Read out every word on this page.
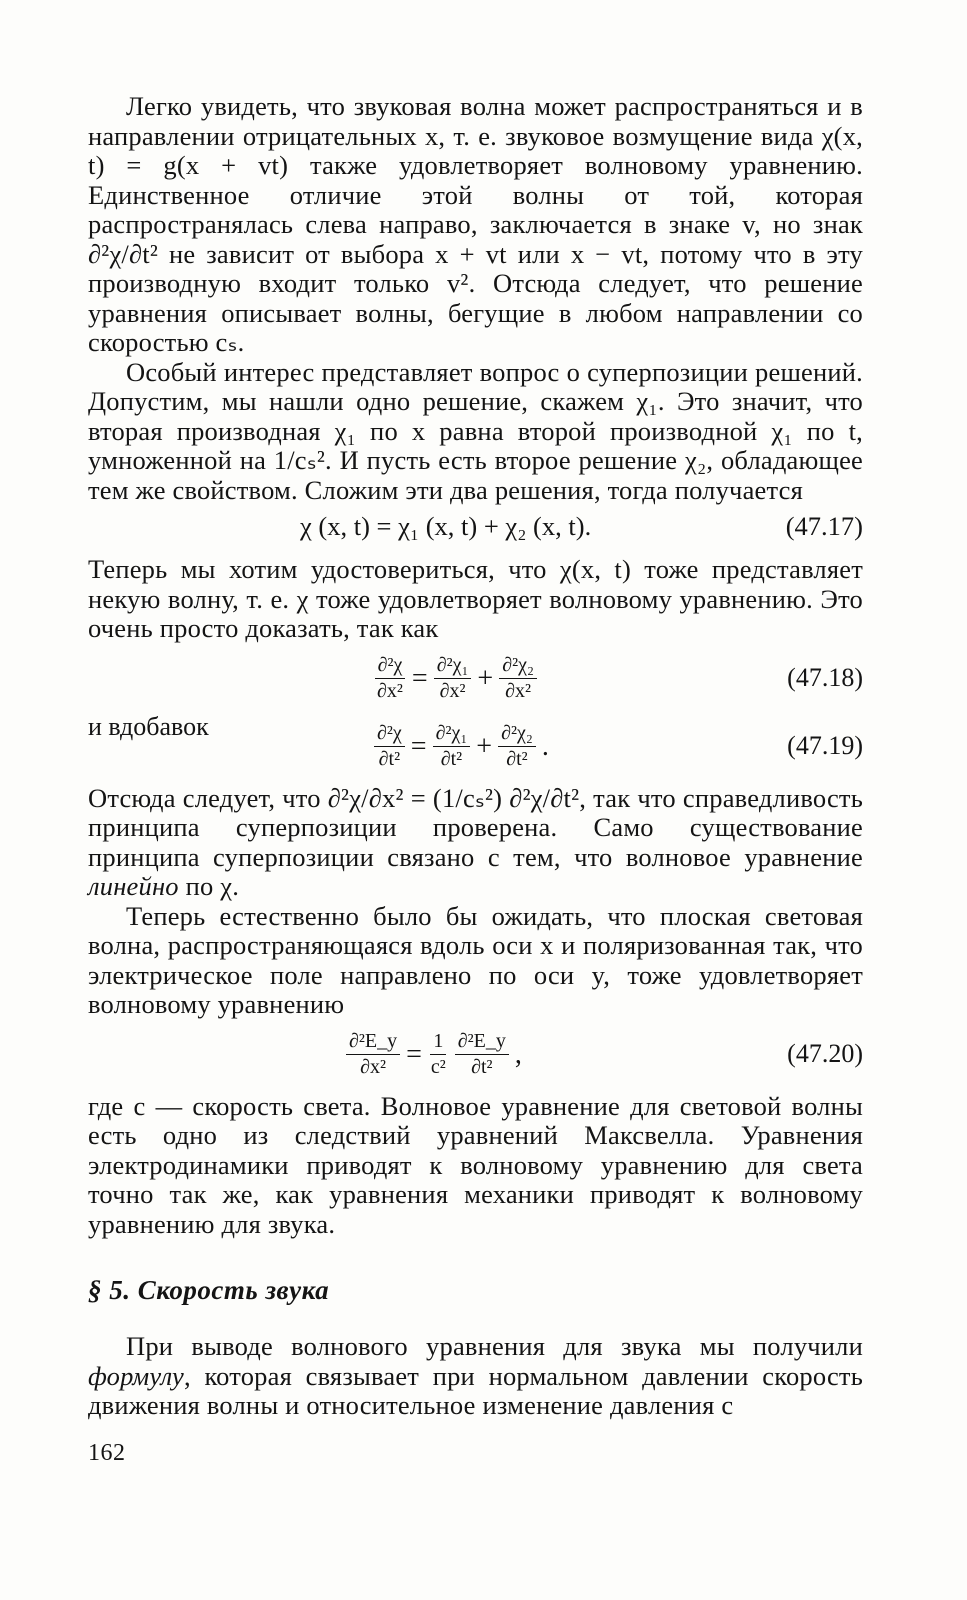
Легко увидеть, что звуковая волна может распространяться и в направлении отрицательных x, т. е. звуковое возмущение вида χ(x, t) = g(x + vt) также удовлетворяет волновому уравнению. Единственное отличие этой волны от той, которая распространялась слева направо, заключается в знаке v, но знак ∂²χ/∂t² не зависит от выбора x + vt или x − vt, потому что в эту производную входит только v². Отсюда следует, что решение уравнения описывает волны, бегущие в любом направлении со скоростью cₛ.

Особый интерес представляет вопрос о суперпозиции решений. Допустим, мы нашли одно решение, скажем χ₁. Это значит, что вторая производная χ₁ по x равна второй производной χ₁ по t, умноженной на 1/cₛ². И пусть есть второе решение χ₂, обладающее тем же свойством. Сложим эти два решения, тогда получается

χ (x, t) = χ₁ (x, t) + χ₂ (x, t).	(47.17)

Теперь мы хотим удостовериться, что χ(x, t) тоже представляет некую волну, т. е. χ тоже удовлетворяет волновому уравнению. Это очень просто доказать, так как

$\frac{\text{∂²χ}}{\text{∂x²}} = \frac{\text{∂²χ₁}}{\text{∂x²}} + \frac{\text{∂²χ₂}}{\text{∂x²}}$	(47.18)
и вдобавок	$\frac{\text{∂²χ}}{\text{∂t²}} = \frac{\text{∂²χ₁}}{\text{∂t²}} + \frac{\text{∂²χ₂}}{\text{∂t²}}$ .	(47.19)

Отсюда следует, что ∂²χ/∂x² = (1/cₛ²) ∂²χ/∂t², так что справедливость принципа суперпозиции проверена. Само существование принципа суперпозиции связано с тем, что волновое уравнение линейно по χ.

Теперь естественно было бы ожидать, что плоская световая волна, распространяющаяся вдоль оси x и поляризованная так, что электрическое поле направлено по оси y, тоже удовлетворяет волновому уравнению

$\frac{\text{∂²E\_y}}{\text{∂x²}} = \frac{1}{\text{c²}} \frac{\text{∂²E\_y}}{\text{∂t²}}$ ,	(47.20)

где c — скорость света. Волновое уравнение для световой волны есть одно из следствий уравнений Максвелла. Уравнения электродинамики приводят к волновому уравнению для света точно так же, как уравнения механики приводят к волновому уравнению для звука.

§ 5. Скорость звука

При выводе волнового уравнения для звука мы получили формулу, которая связывает при нормальном давлении скорость движения волны и относительное изменение давления с

162
